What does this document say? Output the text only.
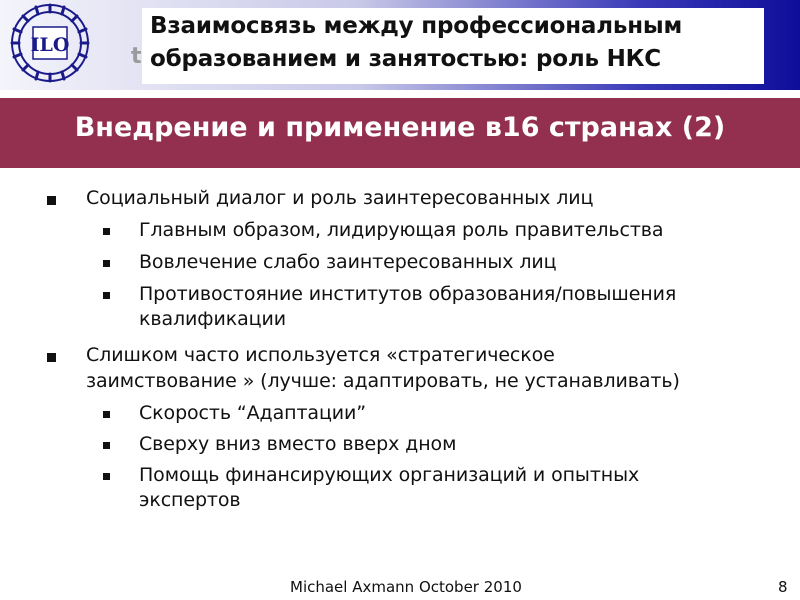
ILO	t
Взаимосвязь между профессиональным
образованием и занятостью: роль НКС
Внедрение и применение в16 странах (2)
Социальный диалог и роль заинтересованных лиц
Главным образом, лидирующая роль правительства
Вовлечение слабо заинтересованных лиц
Противостояние институтов образования/повышения
квалификации
Слишком часто используется «стратегическое
заимствование » (лучше: адаптировать, не устанавливать)
Скорость “Адаптации”
Сверху вниз вместо вверх дном
Помощь финансирующих организаций и опытных
экспертов
Michael Axmann October 2010	8
